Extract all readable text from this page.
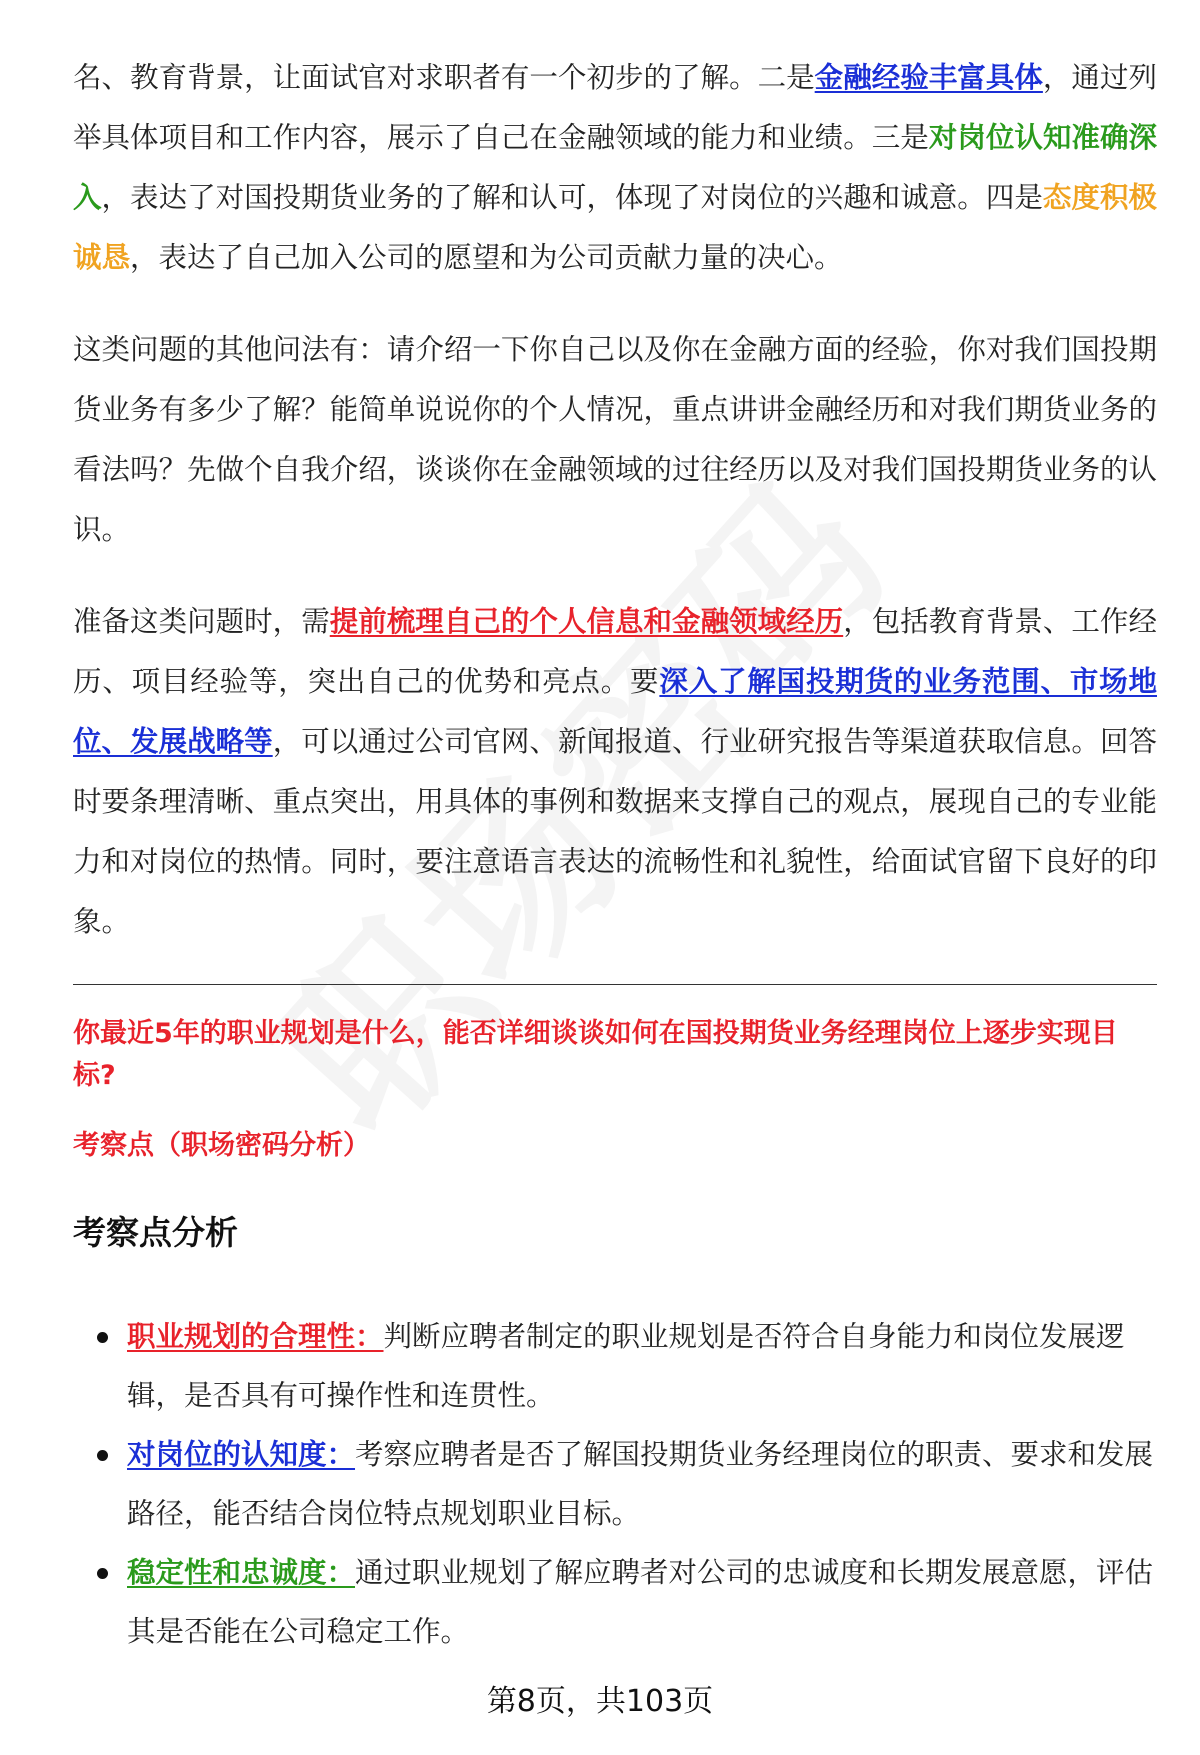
名、教育背景，让面试官对求职者有一个初步的了解。二是金融经验丰富具体，通过列举具体项目和工作内容，展示了自己在金融领域的能力和业绩。三是对岗位认知准确深入，表达了对国投期货业务的了解和认可，体现了对岗位的兴趣和诚意。四是态度积极诚恳，表达了自己加入公司的愿望和为公司贡献力量的决心。

这类问题的其他问法有：请介绍一下你自己以及你在金融方面的经验，你对我们国投期货业务有多少了解？能简单说说你的个人情况，重点讲讲金融经历和对我们期货业务的看法吗？先做个自我介绍，谈谈你在金融领域的过往经历以及对我们国投期货业务的认识。

准备这类问题时，需提前梳理自己的个人信息和金融领域经历，包括教育背景、工作经历、项目经验等，突出自己的优势和亮点。要深入了解国投期货的业务范围、市场地位、发展战略等，可以通过公司官网、新闻报道、行业研究报告等渠道获取信息。回答时要条理清晰、重点突出，用具体的事例和数据来支撑自己的观点，展现自己的专业能力和对岗位的热情。同时，要注意语言表达的流畅性和礼貌性，给面试官留下良好的印象。

你最近5年的职业规划是什么，能否详细谈谈如何在国投期货业务经理岗位上逐步实现目标?
考察点（职场密码分析）
考察点分析
职业规划的合理性：判断应聘者制定的职业规划是否符合自身能力和岗位发展逻辑，是否具有可操作性和连贯性。
对岗位的认知度：考察应聘者是否了解国投期货业务经理岗位的职责、要求和发展路径，能否结合岗位特点规划职业目标。
稳定性和忠诚度：通过职业规划了解应聘者对公司的忠诚度和长期发展意愿，评估其是否能在公司稳定工作。
第8页，共103页
